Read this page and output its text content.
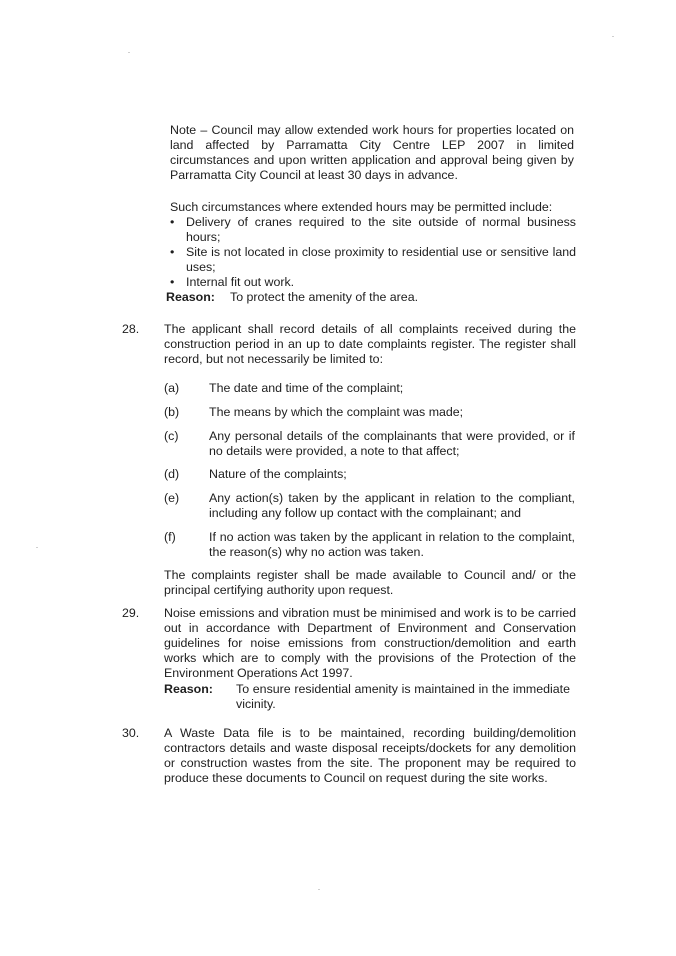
Note – Council may allow extended work hours for properties located on land affected by Parramatta City Centre LEP 2007 in limited circumstances and upon written application and approval being given by Parramatta City Council at least 30 days in advance.
Such circumstances where extended hours may be permitted include:
• Delivery of cranes required to the site outside of normal business hours;
• Site is not located in close proximity to residential use or sensitive land uses;
• Internal fit out work.
Reason: To protect the amenity of the area.
28.	The applicant shall record details of all complaints received during the construction period in an up to date complaints register. The register shall record, but not necessarily be limited to:
(a)	The date and time of the complaint;
(b)	The means by which the complaint was made;
(c)	Any personal details of the complainants that were provided, or if no details were provided, a note to that affect;
(d)	Nature of the complaints;
(e)	Any action(s) taken by the applicant in relation to the compliant, including any follow up contact with the complainant; and
(f)	If no action was taken by the applicant in relation to the complaint, the reason(s) why no action was taken.
The complaints register shall be made available to Council and/ or the principal certifying authority upon request.
29.	Noise emissions and vibration must be minimised and work is to be carried out in accordance with Department of Environment and Conservation guidelines for noise emissions from construction/demolition and earth works which are to comply with the provisions of the Protection of the Environment Operations Act 1997.
Reason: To ensure residential amenity is maintained in the immediate vicinity.
30.	A Waste Data file is to be maintained, recording building/demolition contractors details and waste disposal receipts/dockets for any demolition or construction wastes from the site. The proponent may be required to produce these documents to Council on request during the site works.
